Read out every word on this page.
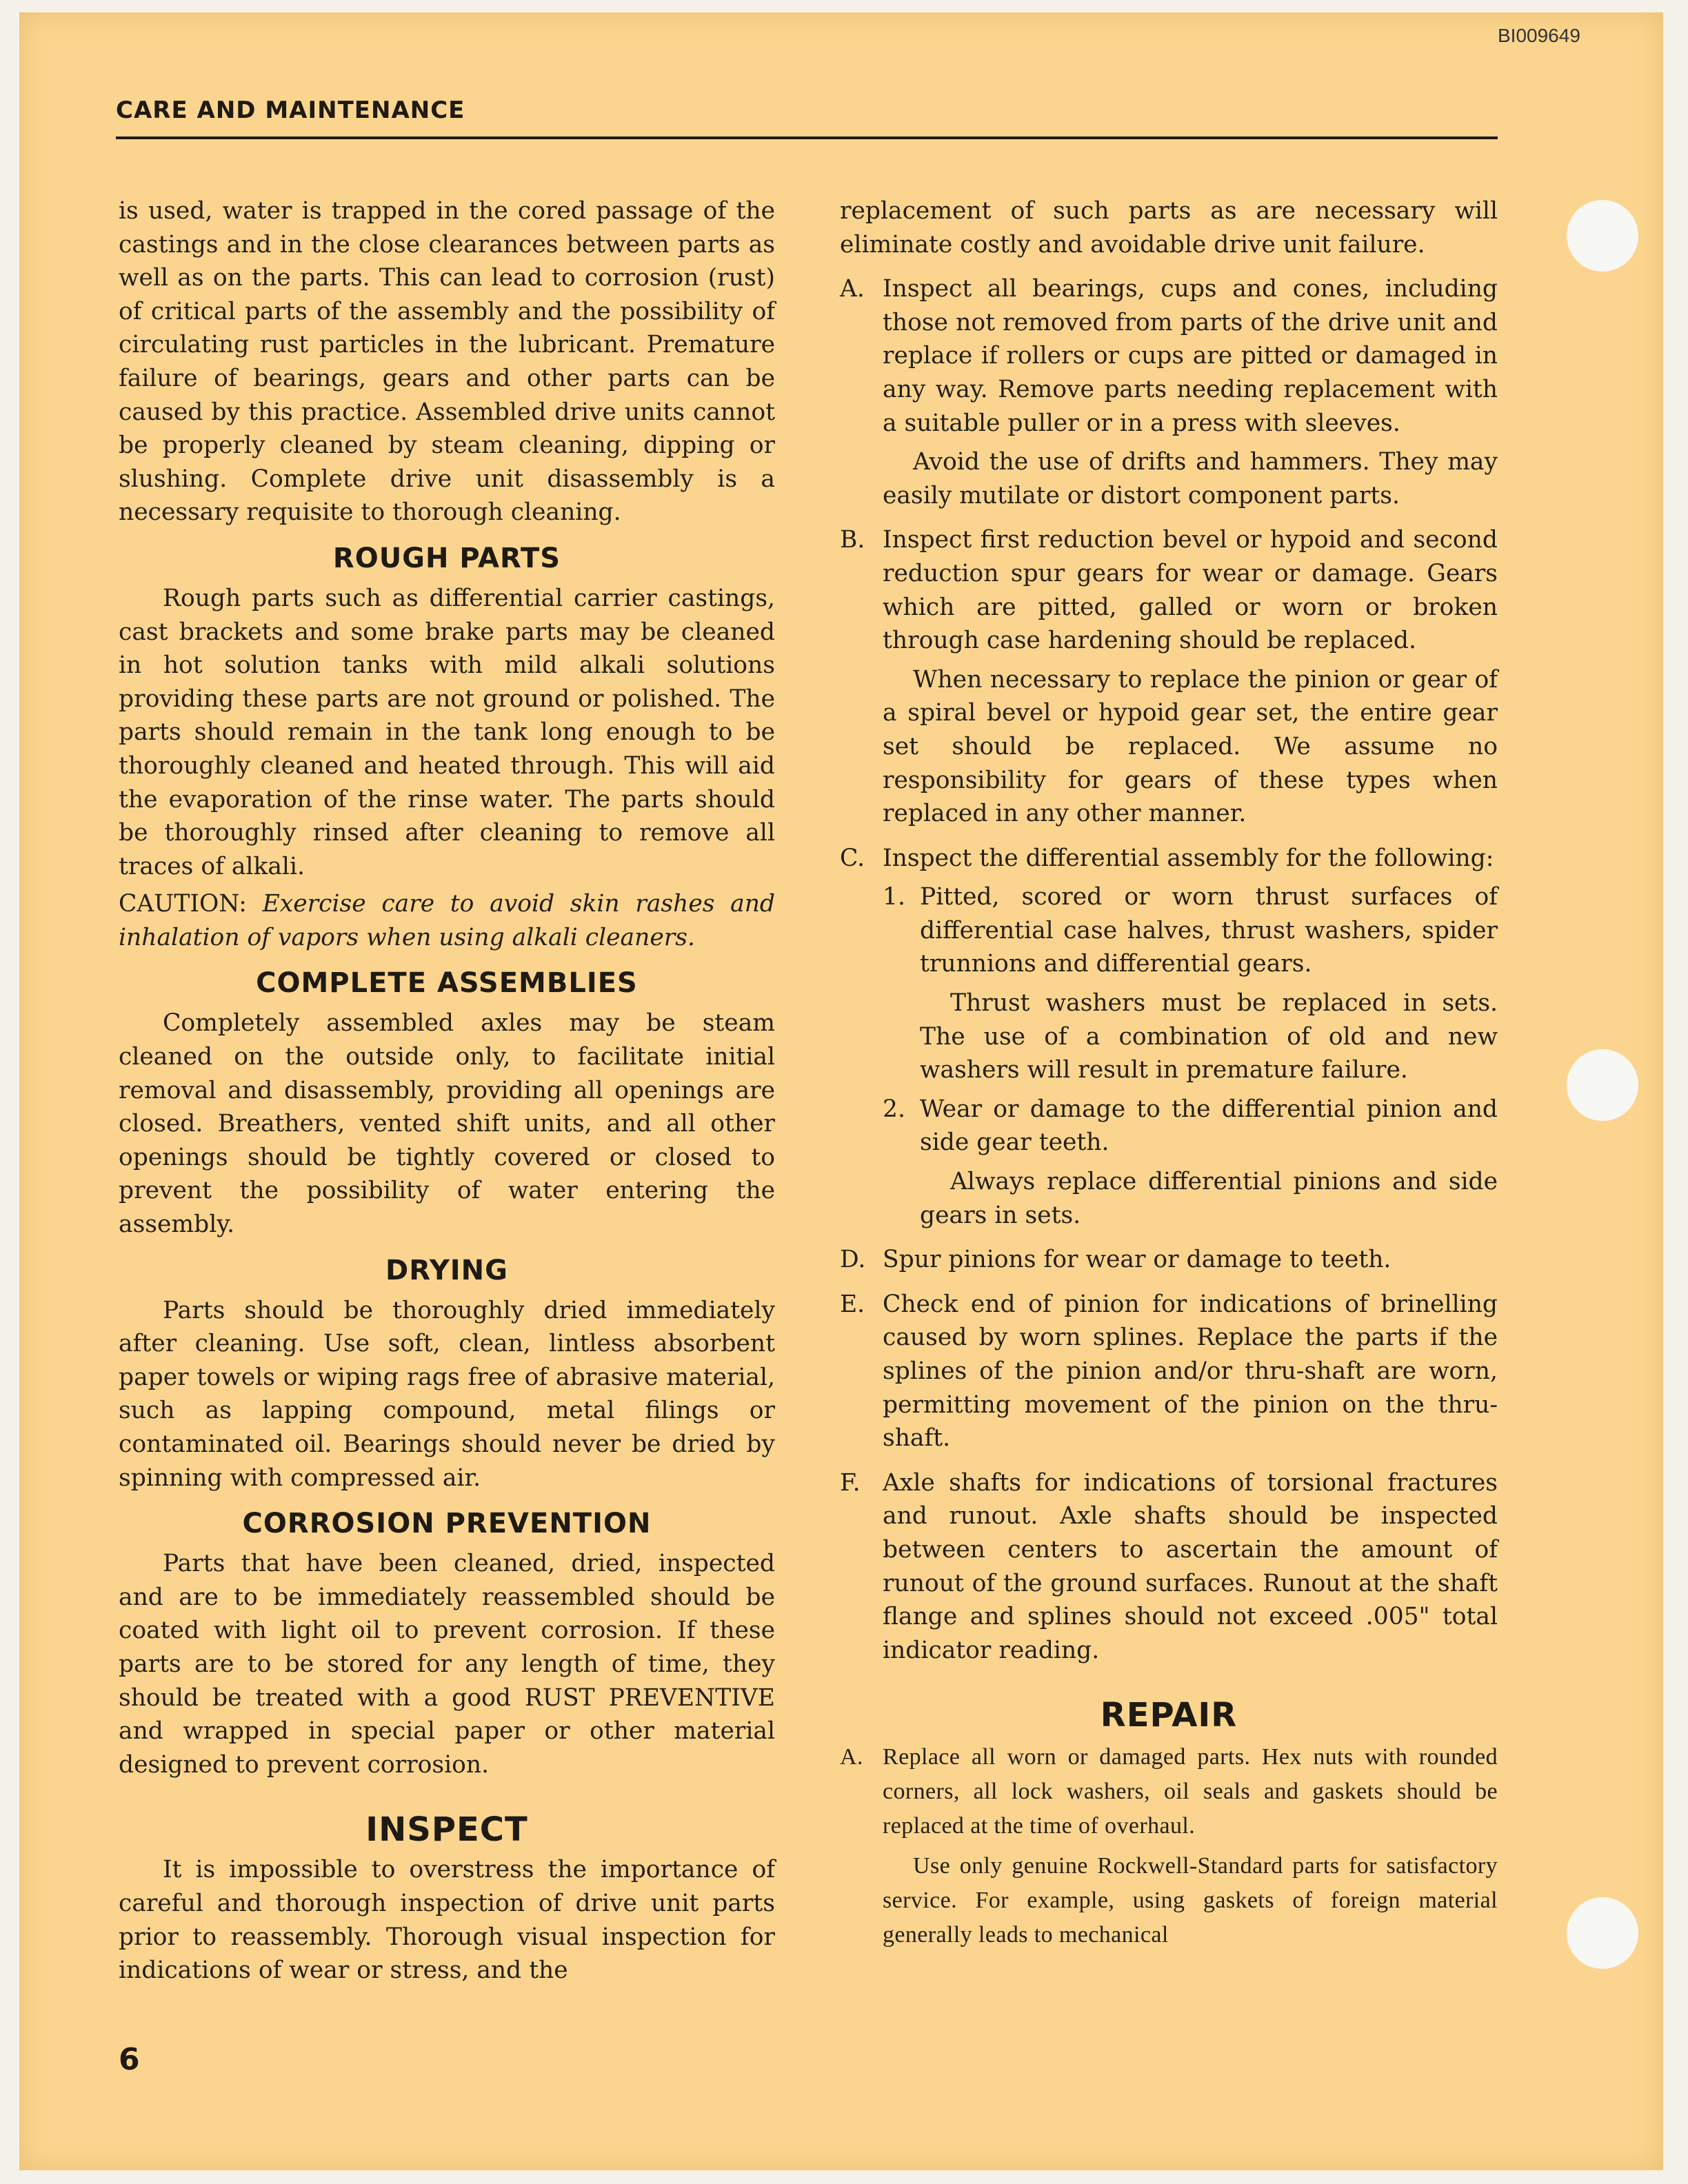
BI009649
CARE AND MAINTENANCE

is used, water is trapped in the cored passage of the castings and in the close clearances between parts as well as on the parts. This can lead to corrosion (rust) of critical parts of the assembly and the possibility of circulating rust particles in the lubricant. Premature failure of bearings, gears and other parts can be caused by this practice. Assembled drive units cannot be properly cleaned by steam cleaning, dipping or slushing. Complete drive unit disassembly is a necessary requisite to thorough cleaning.

ROUGH PARTS

Rough parts such as differential carrier castings, cast brackets and some brake parts may be cleaned in hot solution tanks with mild alkali solutions providing these parts are not ground or polished. The parts should remain in the tank long enough to be thoroughly cleaned and heated through. This will aid the evaporation of the rinse water. The parts should be thoroughly rinsed after cleaning to remove all traces of alkali.

CAUTION: Exercise care to avoid skin rashes and inhalation of vapors when using alkali cleaners.

COMPLETE ASSEMBLIES

Completely assembled axles may be steam cleaned on the outside only, to facilitate initial removal and disassembly, providing all openings are closed. Breathers, vented shift units, and all other openings should be tightly covered or closed to prevent the possibility of water entering the assembly.

DRYING

Parts should be thoroughly dried immediately after cleaning. Use soft, clean, lintless absorbent paper towels or wiping rags free of abrasive material, such as lapping compound, metal filings or contaminated oil. Bearings should never be dried by spinning with compressed air.

CORROSION PREVENTION

Parts that have been cleaned, dried, inspected and are to be immediately reassembled should be coated with light oil to prevent corrosion. If these parts are to be stored for any length of time, they should be treated with a good RUST PREVENTIVE and wrapped in special paper or other material designed to prevent corrosion.

INSPECT

It is impossible to overstress the importance of careful and thorough inspection of drive unit parts prior to reassembly. Thorough visual inspection for indications of wear or stress, and the

replacement of such parts as are necessary will eliminate costly and avoidable drive unit failure.

A. Inspect all bearings, cups and cones, including those not removed from parts of the drive unit and replace if rollers or cups are pitted or damaged in any way. Remove parts needing replacement with a suitable puller or in a press with sleeves.

Avoid the use of drifts and hammers. They may easily mutilate or distort component parts.

B. Inspect first reduction bevel or hypoid and second reduction spur gears for wear or damage. Gears which are pitted, galled or worn or broken through case hardening should be replaced.

When necessary to replace the pinion or gear of a spiral bevel or hypoid gear set, the entire gear set should be replaced. We assume no responsibility for gears of these types when replaced in any other manner.

C. Inspect the differential assembly for the following:

1. Pitted, scored or worn thrust surfaces of differential case halves, thrust washers, spider trunnions and differential gears.

Thrust washers must be replaced in sets. The use of a combination of old and new washers will result in premature failure.

2. Wear or damage to the differential pinion and side gear teeth.

Always replace differential pinions and side gears in sets.

D. Spur pinions for wear or damage to teeth.

E. Check end of pinion for indications of brinelling caused by worn splines. Replace the parts if the splines of the pinion and/or thru-shaft are worn, permitting movement of the pinion on the thru-shaft.

F. Axle shafts for indications of torsional fractures and runout. Axle shafts should be inspected between centers to ascertain the amount of runout of the ground surfaces. Runout at the shaft flange and splines should not exceed .005" total indicator reading.

REPAIR
A. Replace all worn or damaged parts. Hex nuts with rounded corners, all lock washers, oil seals and gaskets should be replaced at the time of overhaul.

Use only genuine Rockwell-Standard parts for satisfactory service. For example, using gaskets of foreign material generally leads to mechanical

6
